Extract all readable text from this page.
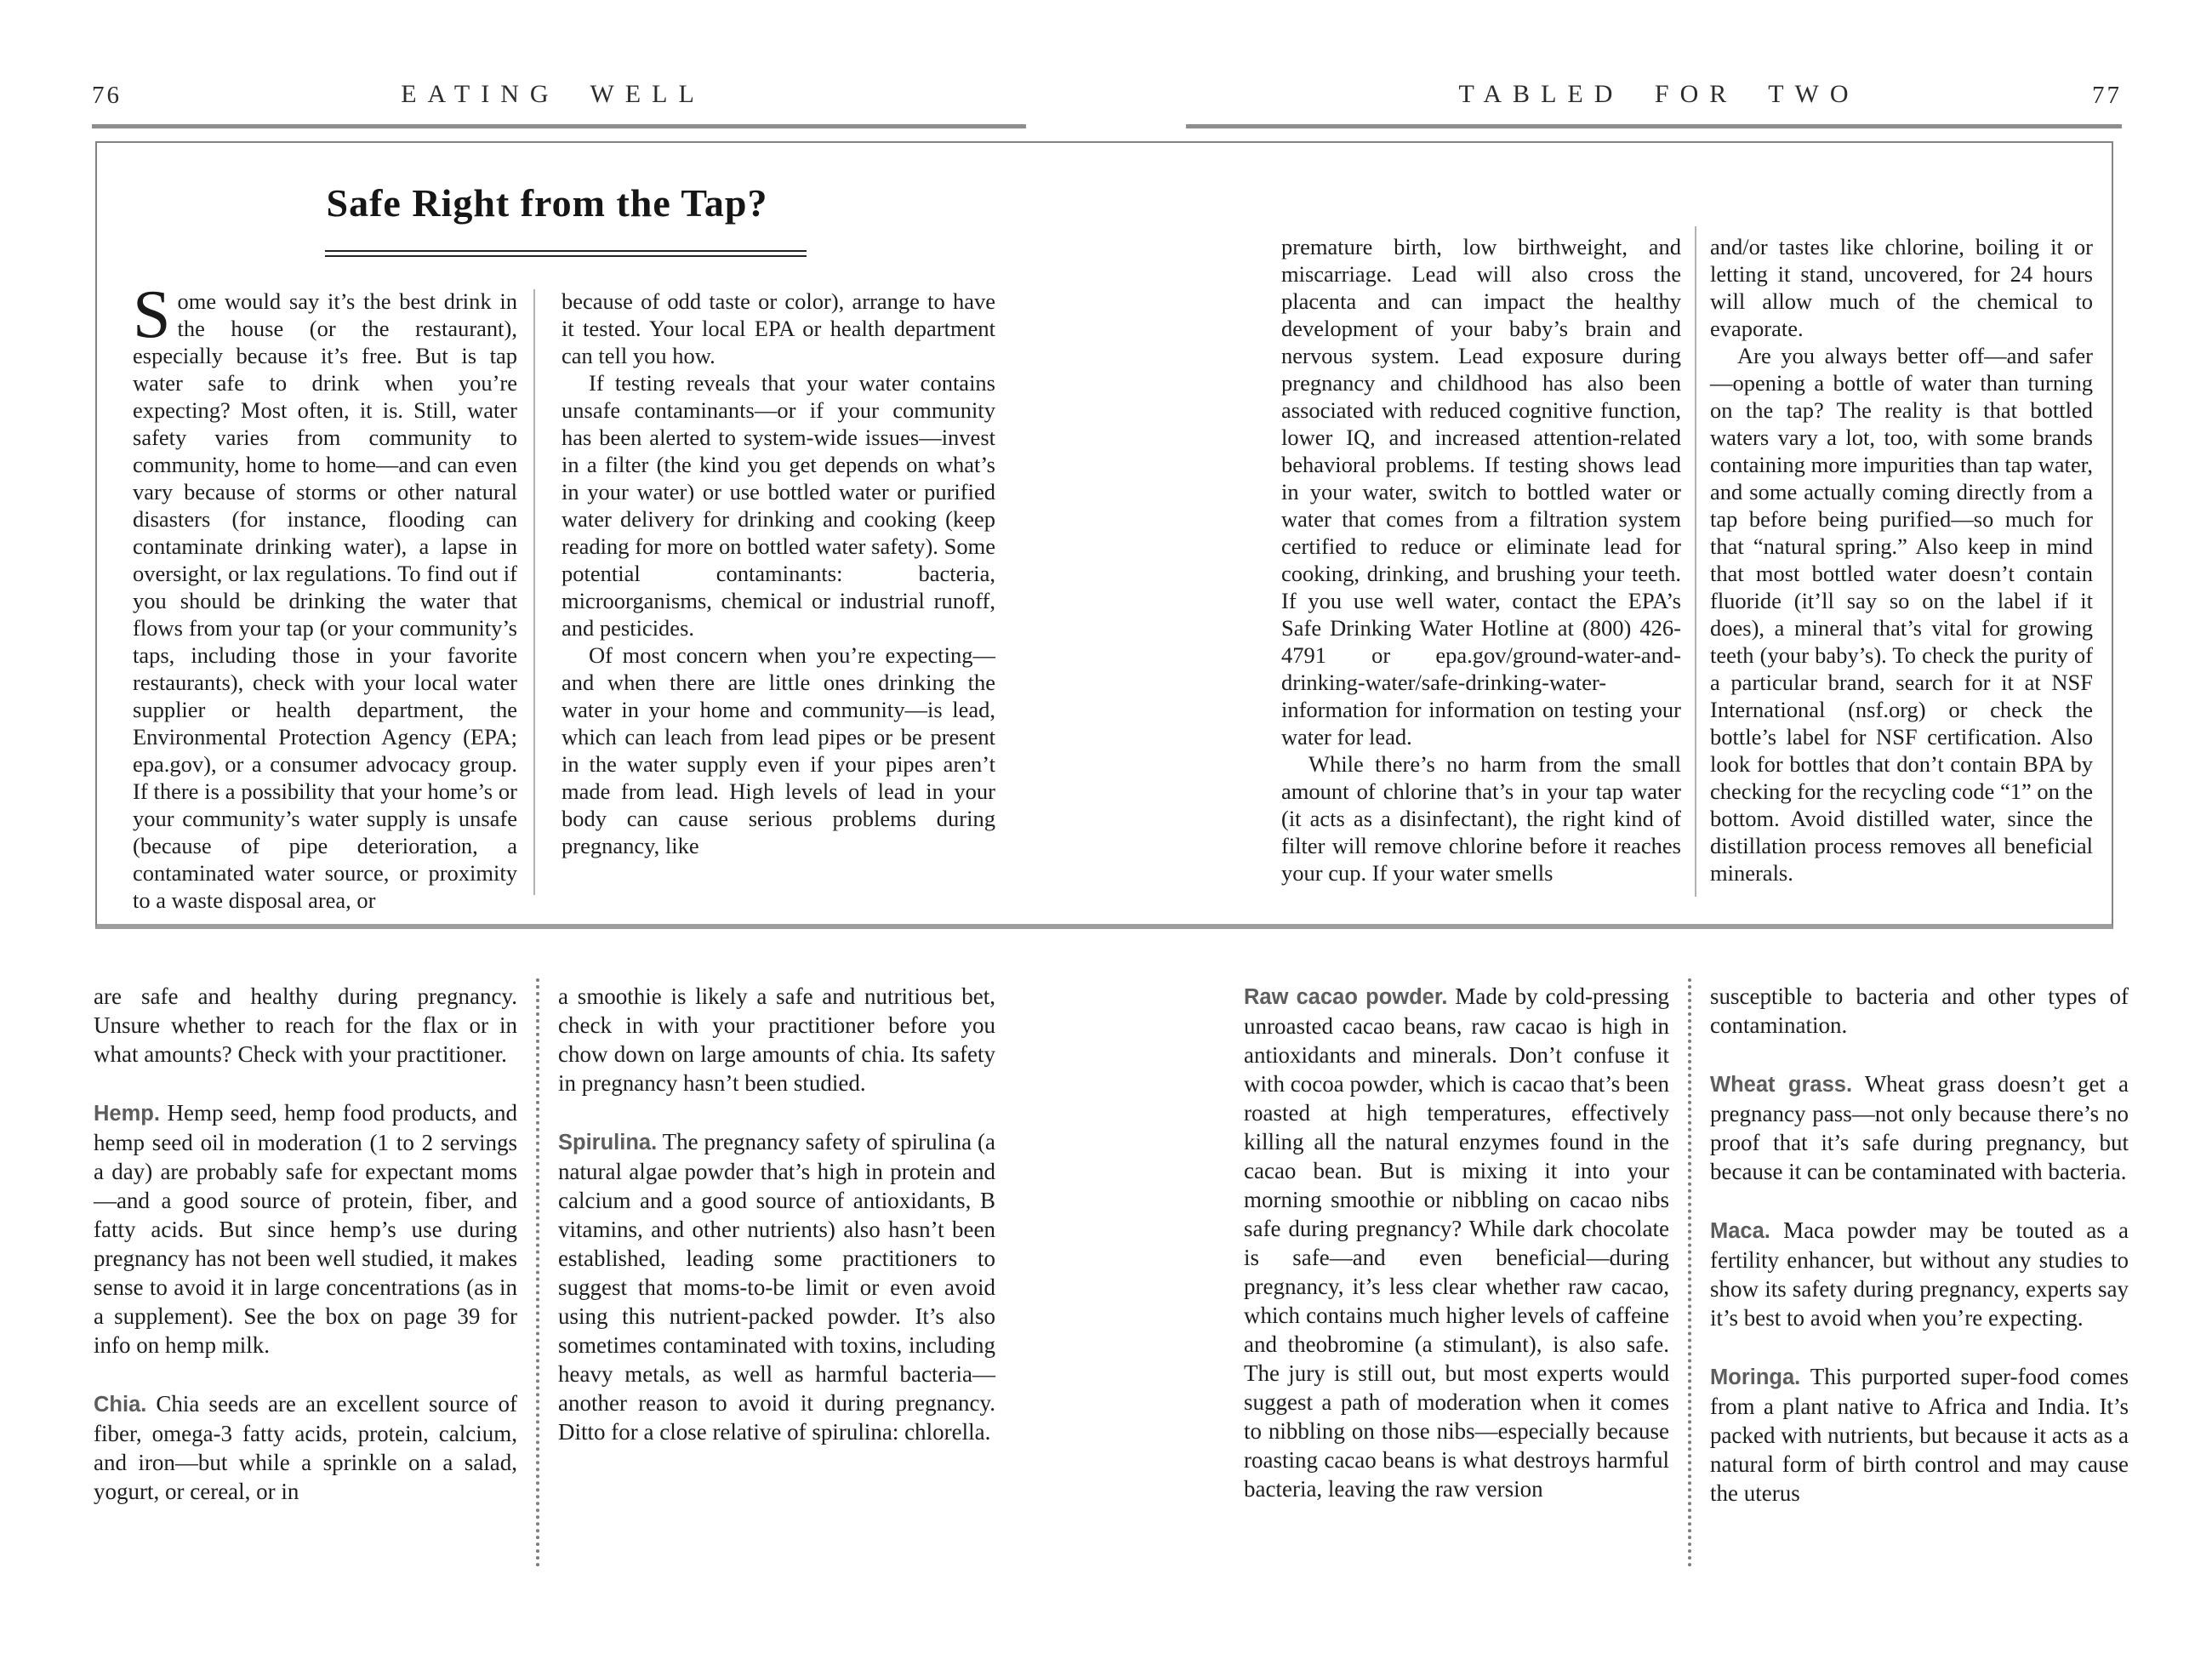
76	EATING WELL	TABLED FOR TWO	77
Safe Right from the Tap?

Some would say it’s the best drink in the house (or the restaurant), especially because it’s free. But is tap water safe to drink when you’re expecting? Most often, it is. Still, water safety varies from community to community, home to home—and can even vary because of storms or other natural disasters (for instance, flooding can contaminate drinking water), a lapse in oversight, or lax regulations. To find out if you should be drinking the water that flows from your tap (or your community’s taps, including those in your favorite restaurants), check with your local water supplier or health department, the Environmental Protection Agency (EPA; epa.gov), or a consumer advocacy group. If there is a possibility that your home’s or your community’s water supply is unsafe (because of pipe deterioration, a contaminated water source, or proximity to a waste disposal area, or

because of odd taste or color), arrange to have it tested. Your local EPA or health department can tell you how.

If testing reveals that your water contains unsafe contaminants—or if your community has been alerted to system-wide issues—invest in a filter (the kind you get depends on what’s in your water) or use bottled water or purified water delivery for drinking and cooking (keep reading for more on bottled water safety). Some potential contaminants: bacteria, microorganisms, chemical or industrial runoff, and pesticides.

Of most concern when you’re expecting—and when there are little ones drinking the water in your home and community—is lead, which can leach from lead pipes or be present in the water supply even if your pipes aren’t made from lead. High levels of lead in your body can cause serious problems during pregnancy, like

premature birth, low birthweight, and miscarriage. Lead will also cross the placenta and can impact the healthy development of your baby’s brain and nervous system. Lead exposure during pregnancy and childhood has also been associated with reduced cognitive function, lower IQ, and increased attention-related behavioral problems. If testing shows lead in your water, switch to bottled water or water that comes from a filtration system certified to reduce or eliminate lead for cooking, drinking, and brushing your teeth. If you use well water, contact the EPA’s Safe Drinking Water Hotline at (800) 426-4791 or epa.gov/ground-water-and-drinking-water/safe-drinking-water-information for information on testing your water for lead.

While there’s no harm from the small amount of chlorine that’s in your tap water (it acts as a disinfectant), the right kind of filter will remove chlorine before it reaches your cup. If your water smells

and/or tastes like chlorine, boiling it or letting it stand, uncovered, for 24 hours will allow much of the chemical to evaporate.

Are you always better off—and safer—opening a bottle of water than turning on the tap? The reality is that bottled waters vary a lot, too, with some brands containing more impurities than tap water, and some actually coming directly from a tap before being purified—so much for that “natural spring.” Also keep in mind that most bottled water doesn’t contain fluoride (it’ll say so on the label if it does), a mineral that’s vital for growing teeth (your baby’s). To check the purity of a particular brand, search for it at NSF International (nsf.org) or check the bottle’s label for NSF certification. Also look for bottles that don’t contain BPA by checking for the recycling code “1” on the bottom. Avoid distilled water, since the distillation process removes all beneficial minerals.

are safe and healthy during pregnancy. Unsure whether to reach for the flax or in what amounts? Check with your practitioner.

Hemp. Hemp seed, hemp food products, and hemp seed oil in moderation (1 to 2 servings a day) are probably safe for expectant moms—and a good source of protein, fiber, and fatty acids. But since hemp’s use during pregnancy has not been well studied, it makes sense to avoid it in large concentrations (as in a supplement). See the box on page 39 for info on hemp milk.

Chia. Chia seeds are an excellent source of fiber, omega-3 fatty acids, protein, calcium, and iron—but while a sprinkle on a salad, yogurt, or cereal, or in

a smoothie is likely a safe and nutritious bet, check in with your practitioner before you chow down on large amounts of chia. Its safety in pregnancy hasn’t been studied.

Spirulina. The pregnancy safety of spirulina (a natural algae powder that’s high in protein and calcium and a good source of antioxidants, B vitamins, and other nutrients) also hasn’t been established, leading some practitioners to suggest that moms-to-be limit or even avoid using this nutrient-packed powder. It’s also sometimes contaminated with toxins, including heavy metals, as well as harmful bacteria—another reason to avoid it during pregnancy. Ditto for a close relative of spirulina: chlorella.

Raw cacao powder. Made by cold-pressing unroasted cacao beans, raw cacao is high in antioxidants and minerals. Don’t confuse it with cocoa powder, which is cacao that’s been roasted at high temperatures, effectively killing all the natural enzymes found in the cacao bean. But is mixing it into your morning smoothie or nibbling on cacao nibs safe during pregnancy? While dark chocolate is safe—and even beneficial—during pregnancy, it’s less clear whether raw cacao, which contains much higher levels of caffeine and theobromine (a stimulant), is also safe. The jury is still out, but most experts would suggest a path of moderation when it comes to nibbling on those nibs—especially because roasting cacao beans is what destroys harmful bacteria, leaving the raw version

susceptible to bacteria and other types of contamination.

Wheat grass. Wheat grass doesn’t get a pregnancy pass—not only because there’s no proof that it’s safe during pregnancy, but because it can be contaminated with bacteria.

Maca. Maca powder may be touted as a fertility enhancer, but without any studies to show its safety during pregnancy, experts say it’s best to avoid when you’re expecting.

Moringa. This purported super-food comes from a plant native to Africa and India. It’s packed with nutrients, but because it acts as a natural form of birth control and may cause the uterus
